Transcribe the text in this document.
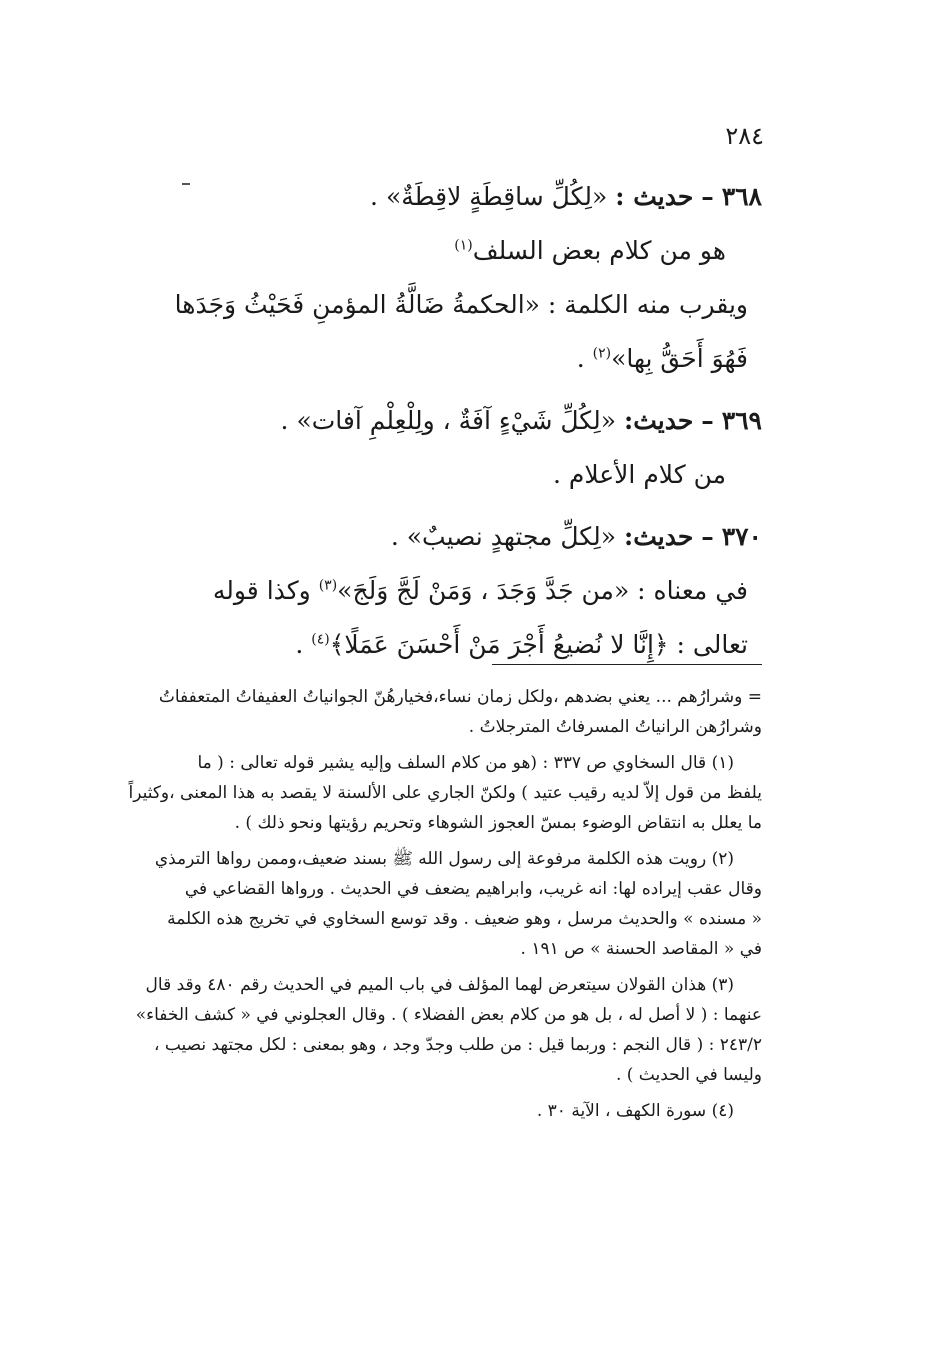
٢٨٤
٣٦٨ – حديث : «لِكُلِّ ساقِطَةٍ لاقِطَةٌ» .
هو من كلام بعض السلف$^{(١)}$
ويقرب منه الكلمة : «الحكمةُ ضَالَّةُ المؤمنِ فَحَيْثُ وَجَدَها
فَهُوَ أَحَقُّ بِها»$^{(٢)}$ .
٣٦٩ – حديث: «لِكُلِّ شَيْءٍ آفَةٌ ، ولِلْعِلْمِ آفات» .
من كلام الأعلام .
٣٧٠ – حديث: «لِكلِّ مجتهدٍ نصيبٌ» .
في معناه : «من جَدَّ وَجَدَ ، وَمَنْ لَجَّ وَلَجَ»$^{(٣)}$ وكذا قوله
تعالى : ﴿إِنَّا لا نُضيعُ أَجْرَ مَنْ أَحْسَنَ عَمَلًا﴾$^{(٤)}$ .
= وشرارُهم ... يعني بضدهم ،ولكل زمان نساء،فخيارهُنّ الجوانياتُ العفيفاتُ المتعففاتُ
وشرارُهن الرانياتُ المسرفاتُ المترجلاتُ .
(١) قال السخاوي ص ٣٣٧ : (هو من كلام السلف وإليه يشير قوله تعالى : ( ما
يلفظ من قول إلاّ لديه رقيب عتيد ) ولكنّ الجاري على الألسنة لا يقصد به هذا المعنى ،وكثيراً
ما يعلل به انتقاض الوضوء بمسّ العجوز الشوهاء وتحريم رؤيتها ونحو ذلك ) .
(٢) رويت هذه الكلمة مرفوعة إلى رسول الله ﷺ بسند ضعيف،وممن رواها الترمذي
وقال عقب إيراده لها: انه غريب، وابراهيم يضعف في الحديث . ورواها القضاعي في
« مسنده » والحديث مرسل ، وهو ضعيف . وقد توسع السخاوي في تخريج هذه الكلمة
في « المقاصد الحسنة » ص ١٩١ .
(٣) هذان القولان سيتعرض لهما المؤلف في باب الميم في الحديث رقم ٤٨٠ وقد قال
عنهما : ( لا أصل له ، بل هو من كلام بعض الفضلاء ) . وقال العجلوني في « كشف الخفاء»
٢٤٣/٢ : ( قال النجم : وربما قيل : من طلب وجدّ وجد ، وهو بمعنى : لكل مجتهد نصيب ،
وليسا في الحديث ) .
(٤) سورة الكهف ، الآية ٣٠ .
